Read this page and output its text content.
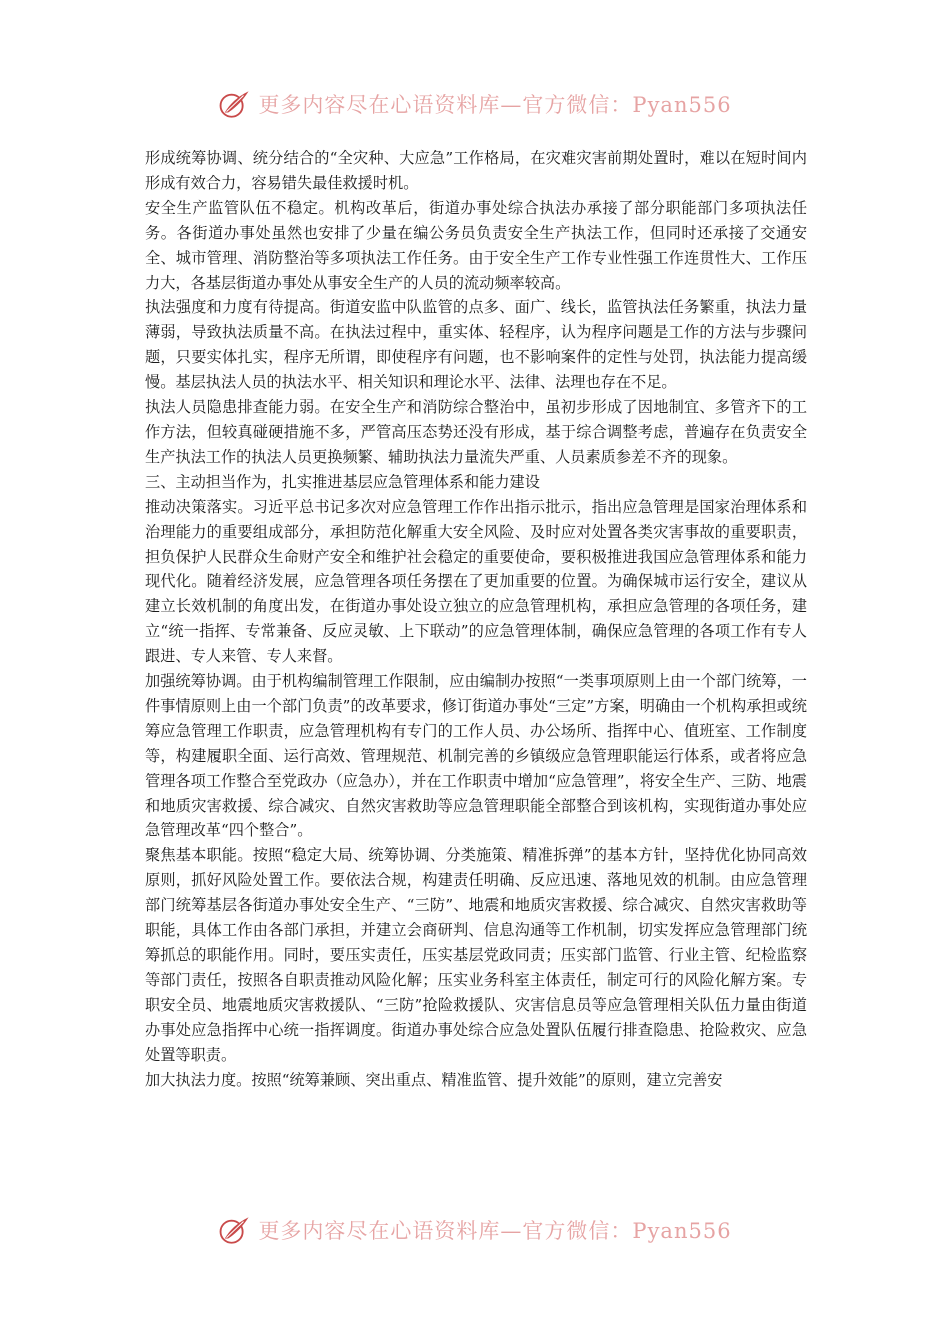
更多内容尽在心语资料库—官方微信：Pyan556

形成统筹协调、统分结合的“全灾种、大应急”工作格局，在灾难灾害前期处置时，难以在短时间内形成有效合力，容易错失最佳救援时机。

安全生产监管队伍不稳定。机构改革后，街道办事处综合执法办承接了部分职能部门多项执法任务。各街道办事处虽然也安排了少量在编公务员负责安全生产执法工作，但同时还承接了交通安全、城市管理、消防整治等多项执法工作任务。由于安全生产工作专业性强工作连贯性大、工作压力大，各基层街道办事处从事安全生产的人员的流动频率较高。

执法强度和力度有待提高。街道安监中队监管的点多、面广、线长，监管执法任务繁重，执法力量薄弱，导致执法质量不高。在执法过程中，重实体、轻程序，认为程序问题是工作的方法与步骤问题，只要实体扎实，程序无所谓，即使程序有问题，也不影响案件的定性与处罚，执法能力提高缓慢。基层执法人员的执法水平、相关知识和理论水平、法律、法理也存在不足。

执法人员隐患排查能力弱。在安全生产和消防综合整治中，虽初步形成了因地制宜、多管齐下的工作方法，但较真碰硬措施不多，严管高压态势还没有形成，基于综合调整考虑，普遍存在负责安全生产执法工作的执法人员更换频繁、辅助执法力量流失严重、人员素质参差不齐的现象。

三、主动担当作为，扎实推进基层应急管理体系和能力建设

推动决策落实。习近平总书记多次对应急管理工作作出指示批示，指出应急管理是国家治理体系和治理能力的重要组成部分，承担防范化解重大安全风险、及时应对处置各类灾害事故的重要职责，担负保护人民群众生命财产安全和维护社会稳定的重要使命，要积极推进我国应急管理体系和能力现代化。随着经济发展，应急管理各项任务摆在了更加重要的位置。为确保城市运行安全，建议从建立长效机制的角度出发，在街道办事处设立独立的应急管理机构，承担应急管理的各项任务，建立“统一指挥、专常兼备、反应灵敏、上下联动”的应急管理体制，确保应急管理的各项工作有专人跟进、专人来管、专人来督。

加强统筹协调。由于机构编制管理工作限制，应由编制办按照“一类事项原则上由一个部门统筹，一件事情原则上由一个部门负责”的改革要求，修订街道办事处“三定”方案，明确由一个机构承担或统筹应急管理工作职责，应急管理机构有专门的工作人员、办公场所、指挥中心、值班室、工作制度等，构建履职全面、运行高效、管理规范、机制完善的乡镇级应急管理职能运行体系，或者将应急管理各项工作整合至党政办（应急办），并在工作职责中增加“应急管理”，将安全生产、三防、地震和地质灾害救援、综合减灾、自然灾害救助等应急管理职能全部整合到该机构，实现街道办事处应急管理改革“四个整合”。

聚焦基本职能。按照“稳定大局、统筹协调、分类施策、精准拆弹”的基本方针，坚持优化协同高效原则，抓好风险处置工作。要依法合规，构建责任明确、反应迅速、落地见效的机制。由应急管理部门统筹基层各街道办事处安全生产、“三防”、地震和地质灾害救援、综合减灾、自然灾害救助等职能，具体工作由各部门承担，并建立会商研判、信息沟通等工作机制，切实发挥应急管理部门统筹抓总的职能作用。同时，要压实责任，压实基层党政同责；压实部门监管、行业主管、纪检监察等部门责任，按照各自职责推动风险化解；压实业务科室主体责任，制定可行的风险化解方案。专职安全员、地震地质灾害救援队、“三防”抢险救援队、灾害信息员等应急管理相关队伍力量由街道办事处应急指挥中心统一指挥调度。街道办事处综合应急处置队伍履行排查隐患、抢险救灾、应急处置等职责。

加大执法力度。按照“统筹兼顾、突出重点、精准监管、提升效能”的原则，建立完善安

更多内容尽在心语资料库—官方微信：Pyan556
